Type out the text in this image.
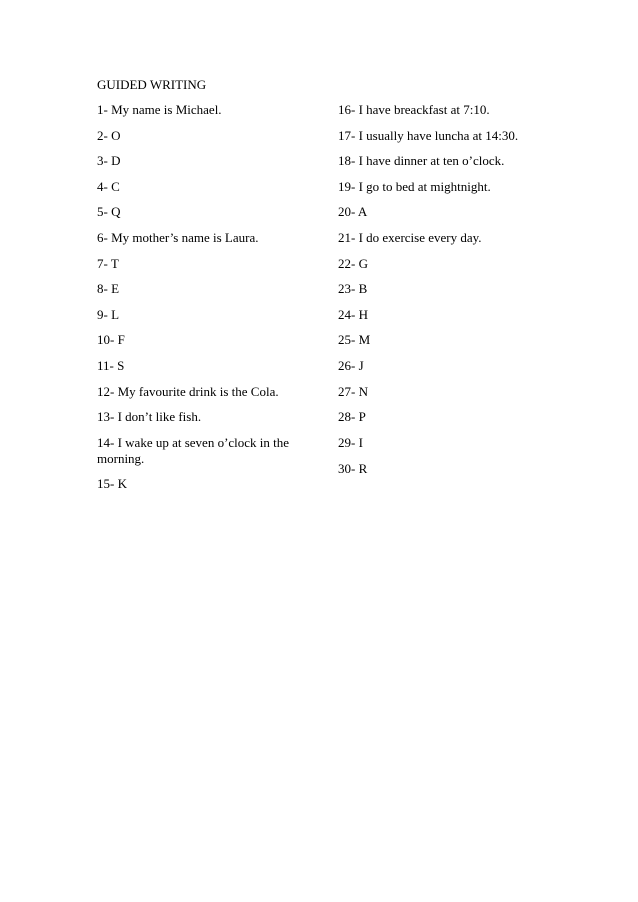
GUIDED WRITING
1- My name is Michael.
2- O
3- D
4- C
5- Q
6- My mother’s name is Laura.
7- T
8- E
9- L
10- F
11- S
12- My favourite drink is the Cola.
13- I don’t like fish.
14- I wake up at seven o’clock in the morning.
15- K
16- I have breackfast at 7:10.
17- I usually have luncha at 14:30.
18- I have dinner at ten o’clock.
19- I go to bed at mightnight.
20- A
21- I do exercise every day.
22- G
23- B
24- H
25- M
26- J
27- N
28- P
29- I
30- R
